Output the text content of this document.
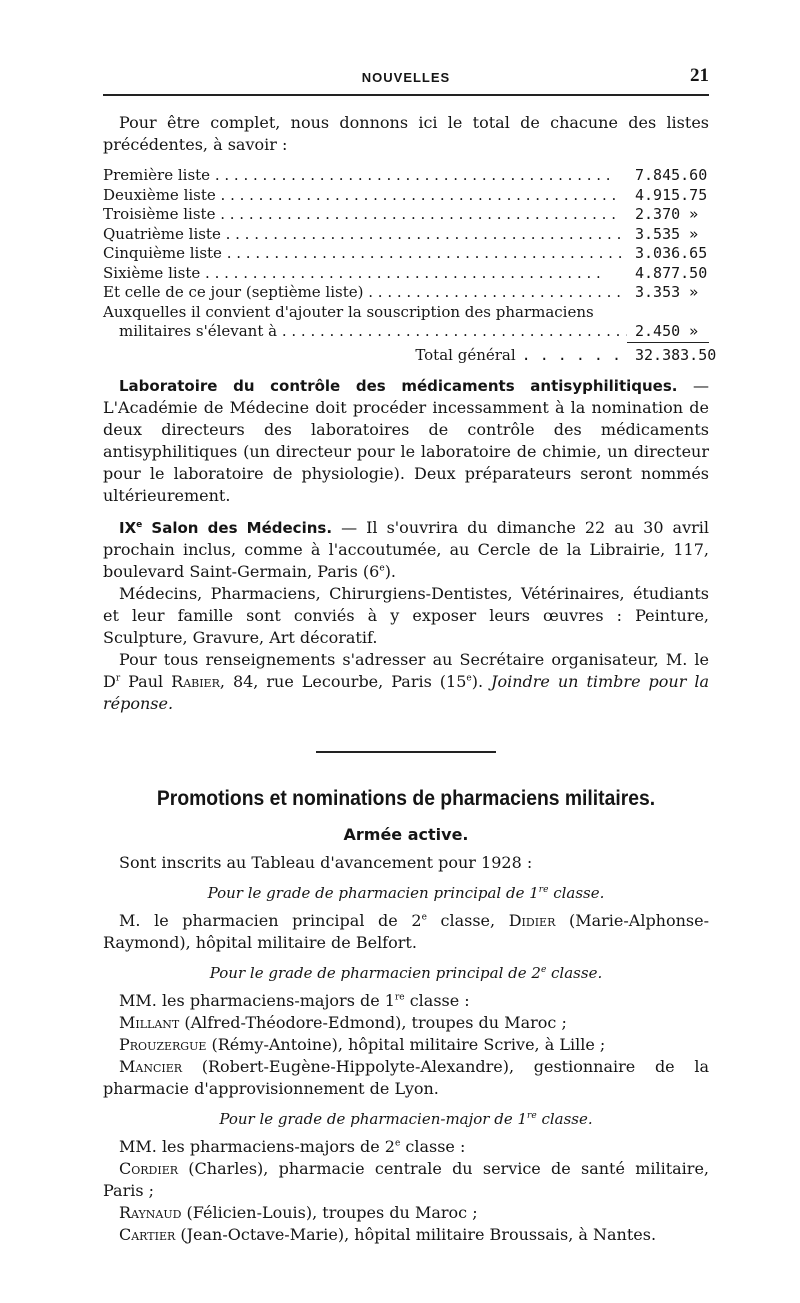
NOUVELLES	21

Pour être complet, nous donnons ici le total de chacune des listes précédentes, à savoir :

Première liste . . .	7.845.60
Deuxième liste . . .	4.915.75
Troisième liste . . .	2.370 »
Quatrième liste . . .	3.535 »
Cinquième liste . . .	3.036.65
Sixième liste . . .	4.877.50
Et celle de ce jour (septième liste) . . .	3.353 »
Auxquelles il convient d'ajouter la souscription des pharmaciens
militaires s'élevant à . . .	2.450 »
Total général . . . . . . 32.383.50

Laboratoire du contrôle des médicaments antisyphilitiques. — L'Académie de Médecine doit procéder incessamment à la nomination de deux directeurs des laboratoires de contrôle des médicaments antisyphilitiques (un directeur pour le laboratoire de chimie, un directeur pour le laboratoire de physiologie). Deux préparateurs seront nommés ultérieurement.

IXe Salon des Médecins. — Il s'ouvrira du dimanche 22 au 30 avril prochain inclus, comme à l'accoutumée, au Cercle de la Librairie, 117, boulevard Saint-Germain, Paris (6e).

Médecins, Pharmaciens, Chirurgiens-Dentistes, Vétérinaires, étudiants et leur famille sont conviés à y exposer leurs œuvres : Peinture, Sculpture, Gravure, Art décoratif.

Pour tous renseignements s'adresser au Secrétaire organisateur, M. le $D^r$ Paul Rabier, 84, rue Lecourbe, Paris (15e). Joindre un timbre pour la réponse.

Promotions et nominations de pharmaciens militaires.
Armée active.

Sont inscrits au Tableau d'avancement pour 1928 :

Pour le grade de pharmacien principal de 1re classe.

M. le pharmacien principal de 2e classe, Didier (Marie-Alphonse-Raymond), hôpital militaire de Belfort.

Pour le grade de pharmacien principal de 2e classe.

MM. les pharmaciens-majors de 1re classe :

Millant (Alfred-Théodore-Edmond), troupes du Maroc ;

Prouzergue (Rémy-Antoine), hôpital militaire Scrive, à Lille ;

Mancier (Robert-Eugène-Hippolyte-Alexandre), gestionnaire de la pharmacie d'approvisionnement de Lyon.

Pour le grade de pharmacien-major de 1re classe.

MM. les pharmaciens-majors de 2e classe :

Cordier (Charles), pharmacie centrale du service de santé militaire, Paris ;

Raynaud (Félicien-Louis), troupes du Maroc ;

Cartier (Jean-Octave-Marie), hôpital militaire Broussais, à Nantes.
